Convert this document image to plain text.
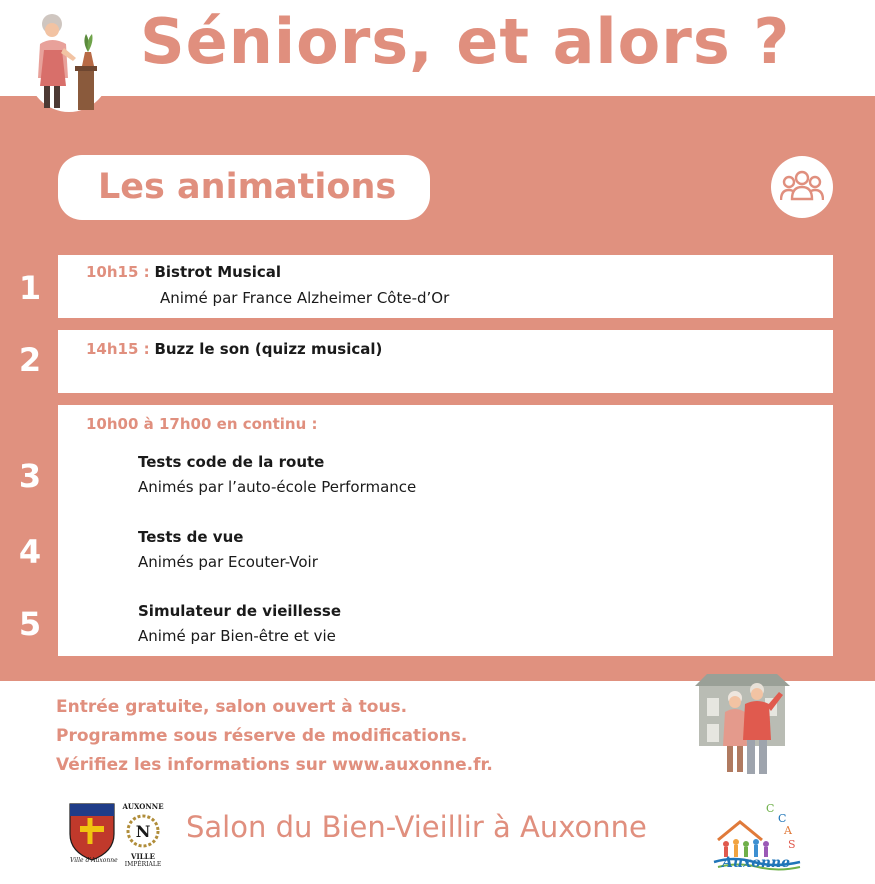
Séniors, et alors ?
Les animations
1
2
3
4
5
10h15 : Bistrot Musical
Animé par France Alzheimer Côte-d’Or
14h15 : Buzz le son (quizz musical)
10h00 à 17h00 en continu :
Tests code de la route
Animés par l’auto-école Performance
Tests de vue
Animés par Ecouter-Voir
Simulateur de vieillesse
Animé par Bien-être et vie
Entrée gratuite, salon ouvert à tous.
Programme sous réserve de modifications.
Vérifiez les informations sur www.auxonne.fr.
Ville d’Auxonne
AUXONNE
N
VILLE
IMPÉRIALE
Salon du Bien-Vieillir à Auxonne
C
C
A
S
Auxonne
